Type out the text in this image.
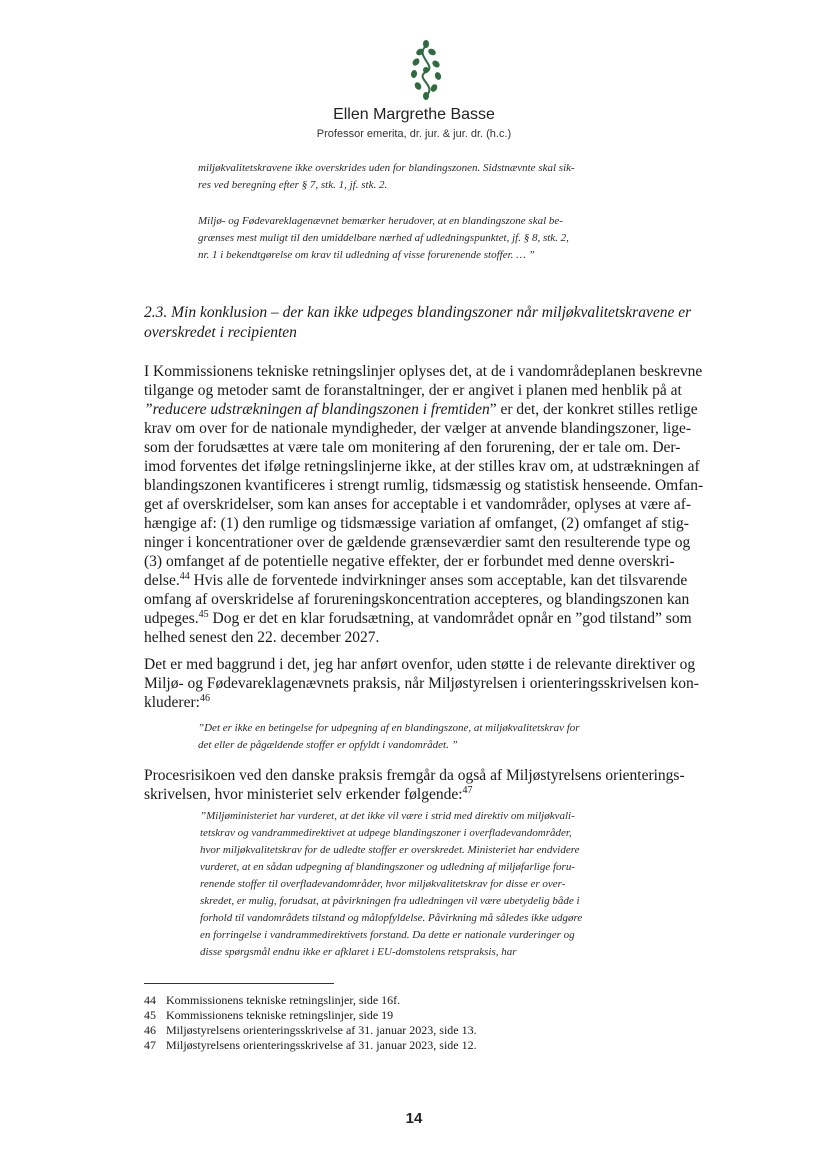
Ellen Margrethe Basse
Professor emerita, dr. jur. & jur. dr. (h.c.)
miljøkvalitetskravene ikke overskrides uden for blandingszonen. Sidstnævnte skal sik-
res ved beregning efter § 7, stk. 1, jf. stk. 2.
Miljø- og Fødevareklagenævnet bemærker herudover, at en blandingszone skal be-
grænses mest muligt til den umiddelbare nærhed af udledningspunktet, jf. § 8, stk. 2,
nr. 1 i bekendtgørelse om krav til udledning af visse forurenende stoffer. … ”
2.3. Min konklusion – der kan ikke udpeges blandingszoner når miljøkvalitetskravene er
overskredet i recipienten
I Kommissionens tekniske retningslinjer oplyses det, at de i vandområdeplanen beskrevne
tilgange og metoder samt de foranstaltninger, der er angivet i planen med henblik på at
”reducere udstrækningen af blandingszonen i fremtiden” er det, der konkret stilles retlige
krav om over for de nationale myndigheder, der vælger at anvende blandingszoner, lige-
som der forudsættes at være tale om monitering af den forurening, der er tale om. Der-
imod forventes det ifølge retningslinjerne ikke, at der stilles krav om, at udstrækningen af
blandingszonen kvantificeres i strengt rumlig, tidsmæssig og statistisk henseende. Omfan-
get af overskridelser, som kan anses for acceptable i et vandområder, oplyses at være af-
hængige af: (1) den rumlige og tidsmæssige variation af omfanget, (2) omfanget af stig-
ninger i koncentrationer over de gældende grænseværdier samt den resulterende type og
(3) omfanget af de potentielle negative effekter, der er forbundet med denne overskri-
delse.$^{44}$ Hvis alle de forventede indvirkninger anses som acceptable, kan det tilsvarende
omfang af overskridelse af forureningskoncentration accepteres, og blandingszonen kan
udpeges.$^{45}$ Dog er det en klar forudsætning, at vandområdet opnår en ”god tilstand” som
helhed senest den 22. december 2027.
Det er med baggrund i det, jeg har anført ovenfor, uden støtte i de relevante direktiver og
Miljø- og Fødevareklagenævnets praksis, når Miljøstyrelsen i orienteringsskrivelsen kon-
kluderer:$^{46}$
”Det er ikke en betingelse for udpegning af en blandingszone, at miljøkvalitetskrav for
det eller de pågældende stoffer er opfyldt i vandområdet. ”
Procesrisikoen ved den danske praksis fremgår da også af Miljøstyrelsens orienterings-
skrivelsen, hvor ministeriet selv erkender følgende:$^{47}$
”Miljøministeriet har vurderet, at det ikke vil være i strid med direktiv om miljøkvali-
tetskrav og vandrammedirektivet at udpege blandingszoner i overfladevandområder,
hvor miljøkvalitetskrav for de udledte stoffer er overskredet. Ministeriet har endvidere
vurderet, at en sådan udpegning af blandingszoner og udledning af miljøfarlige foru-
renende stoffer til overfladevandområder, hvor miljøkvalitetskrav for disse er over-
skredet, er mulig, forudsat, at påvirkningen fra udledningen vil være ubetydelig både i
forhold til vandområdets tilstand og målopfyldelse. Påvirkning må således ikke udgøre
en forringelse i vandrammedirektivets forstand. Da dette er nationale vurderinger og
disse spørgsmål endnu ikke er afklaret i EU-domstolens retspraksis, har
44 Kommissionens tekniske retningslinjer, side 16f.
45 Kommissionens tekniske retningslinjer, side 19
46 Miljøstyrelsens orienteringsskrivelse af 31. januar 2023, side 13.
47 Miljøstyrelsens orienteringsskrivelse af 31. januar 2023, side 12.
14
